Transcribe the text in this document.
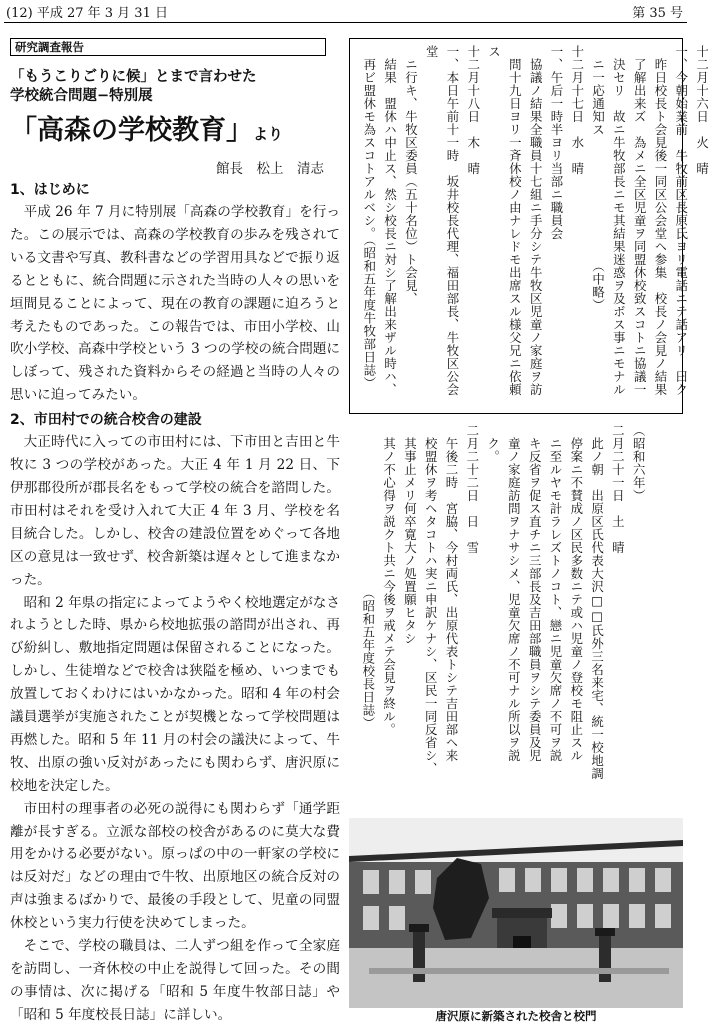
(12) 平成 27 年 3 月 31 日	第 35 号
研究調査報告
「もうこりごりに候」とまで言わせた
学校統合問題−特別展
「高森の学校教育」より
館長　松上　清志
1、はじめに

平成 26 年 7 月に特別展「高森の学校教育」を行った。この展示では、高森の学校教育の歩みを残されている文書や写真、教科書などの学習用具などで振り返るとともに、統合問題に示された当時の人々の思いを垣間見ることによって、現在の教育の課題に迫ろうと考えたものであった。この報告では、市田小学校、山吹小学校、高森中学校という 3 つの学校の統合問題にしぼって、残された資料からその経過と当時の人々の思いに迫ってみたい。

2、市田村での統合校舎の建設

大正時代に入っての市田村には、下市田と吉田と牛牧に 3 つの学校があった。大正 4 年 1 月 22 日、下伊那郡役所が郡長名をもって学校の統合を諮問した。市田村はそれを受け入れて大正 4 年 3 月、学校を名目統合した。しかし、校舎の建設位置をめぐって各地区の意見は一致せず、校舎新築は遅々として進まなかった。

昭和 2 年県の指定によってようやく校地選定がなされようとした時、県から校地拡張の諮問が出され、再び紛糾し、敷地指定問題は保留されることになった。しかし、生徒増などで校舎は狭隘を極め、いつまでも放置しておくわけにはいかなかった。昭和 4 年の村会議員選挙が実施されたことが契機となって学校問題は再燃した。昭和 5 年 11 月の村会の議決によって、牛牧、出原の強い反対があったにも関わらず、唐沢原に校地を決定した。

市田村の理事者の必死の説得にも関わらず「通学距離が長すぎる。立派な部校の校舎があるのに莫大な費用をかける必要がない。原っぱの中の一軒家の学校には反対だ」などの理由で牛牧、出原地区の統合反対の声は強まるばかりで、最後の手段として、児童の同盟休校という実力行使を決めてしまった。

そこで、学校の職員は、二人ずつ組を作って全家庭を訪問し、一斉休校の中止を説得して回った。その間の事情は、次に掲げる「昭和 5 年度牛牧部日誌」や「昭和 5 年度校長日誌」に詳しい。

十二月十六日　火　晴
一、今朝始業前　牛牧前区長原氏ヨリ電話ニテ話アリ　曰ク
　昨日校長ト会見後一同区公会堂ヘ参集　校長ノ会見ノ結果
　了解出来ズ　為メニ全区児童ヲ同盟休校致スコトニ協議一
　決セリ　故ニ牛牧部長ニモ其結果迷惑ヲ及ボス事ニモナル
　ニ一応通知ス　　　　　　　　　　（中略）
十二月十七日　水　晴
一、午后一時半ヨリ当部ニ職員会
　協議ノ結果全職員十七組ニ手分シテ牛牧区児童ノ家庭ヲ訪
　問十九日ヨリ一斉休校ノ由ナレドモ出席スル様父兄ニ依頼ス
十二月十八日　木　晴
一、本日午前十一時　坂井校長代理、福田部長、牛牧区公会堂
　ニ行キ、牛牧区委員（五十名位）ト会見、
　結果　盟休ハ中止ス、然シ校長ニ対シ了解出来ザル時ハ、
　再ビ盟休モ為スコトアルベシ。（昭和五年度牛牧部日誌）
（昭和六年）
二月二十一日　土　晴
　此ノ朝　出原区氏代表大沢□□氏外三名来宅、統一校地調
　停案ニ不賛成ノ区民多数ニテ或ハ児童ノ登校モ阻止スル
　ニ至ルヤモ計ラレズトノコト、戀ニ児童欠席ノ不可ヲ説
　キ反省ヲ促ス直チニ三部長及吉田部職員ヲシテ委員及児
　童ノ家庭訪問ヲナサシメ、児童欠席ノ不可ナル所以ヲ説
　ク。
二月二十二日　日　雪
　午後二時　宮脇、今村両氏、出原代表トシテ吉田部ヘ来
　校盟休ヲ考ヘタコトハ実ニ申訳ケナシ、区民一同反省シ、
　其事止メリ何卒寛大ノ処置願ヒタシ
　其ノ不心得ヲ説クト共ニ今後ヲ戒メテ会見ヲ終ル。
　　　　　　　　　　　　　（昭和五年度校長日誌）
唐沢原に新築された校舎と校門
